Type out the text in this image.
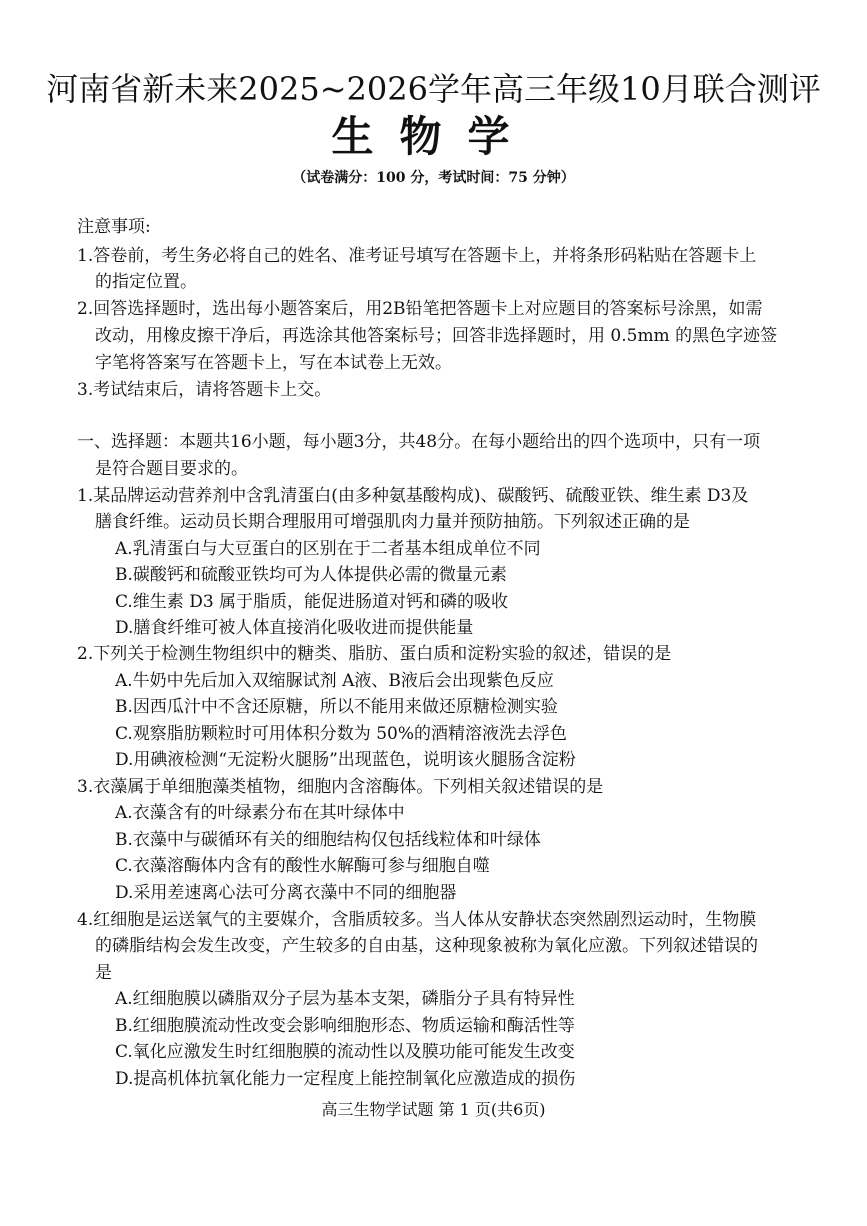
河南省新未来2025~2026学年高三年级10月联合测评
生物学
（试卷满分：100 分，考试时间：75 分钟）
注意事项:
1.答卷前，考生务必将自己的姓名、准考证号填写在答题卡上，并将条形码粘贴在答题卡上
的指定位置。
2.回答选择题时，选出每小题答案后，用2B铅笔把答题卡上对应题目的答案标号涂黑，如需
改动，用橡皮擦干净后，再选涂其他答案标号；回答非选择题时，用 0.5mm 的黑色字迹签
字笔将答案写在答题卡上，写在本试卷上无效。
3.考试结束后，请将答题卡上交。
一、选择题：本题共16小题，每小题3分，共48分。在每小题给出的四个选项中，只有一项
是符合题目要求的。
1.某品牌运动营养剂中含乳清蛋白(由多种氨基酸构成)、碳酸钙、硫酸亚铁、维生素 D3及
膳食纤维。运动员长期合理服用可增强肌肉力量并预防抽筋。下列叙述正确的是
A.乳清蛋白与大豆蛋白的区别在于二者基本组成单位不同
B.碳酸钙和硫酸亚铁均可为人体提供必需的微量元素
C.维生素 D3 属于脂质，能促进肠道对钙和磷的吸收
D.膳食纤维可被人体直接消化吸收进而提供能量
2.下列关于检测生物组织中的糖类、脂肪、蛋白质和淀粉实验的叙述，错误的是
A.牛奶中先后加入双缩脲试剂 A液、B液后会出现紫色反应
B.因西瓜汁中不含还原糖，所以不能用来做还原糖检测实验
C.观察脂肪颗粒时可用体积分数为 50%的酒精溶液洗去浮色
D.用碘液检测“无淀粉火腿肠”出现蓝色，说明该火腿肠含淀粉
3.衣藻属于单细胞藻类植物，细胞内含溶酶体。下列相关叙述错误的是
A.衣藻含有的叶绿素分布在其叶绿体中
B.衣藻中与碳循环有关的细胞结构仅包括线粒体和叶绿体
C.衣藻溶酶体内含有的酸性水解酶可参与细胞自噬
D.采用差速离心法可分离衣藻中不同的细胞器
4.红细胞是运送氧气的主要媒介，含脂质较多。当人体从安静状态突然剧烈运动时，生物膜
的磷脂结构会发生改变，产生较多的自由基，这种现象被称为氧化应激。下列叙述错误的
是
A.红细胞膜以磷脂双分子层为基本支架，磷脂分子具有特异性
B.红细胞膜流动性改变会影响细胞形态、物质运输和酶活性等
C.氧化应激发生时红细胞膜的流动性以及膜功能可能发生改变
D.提高机体抗氧化能力一定程度上能控制氧化应激造成的损伤
高三生物学试题 第 1 页(共6页)
